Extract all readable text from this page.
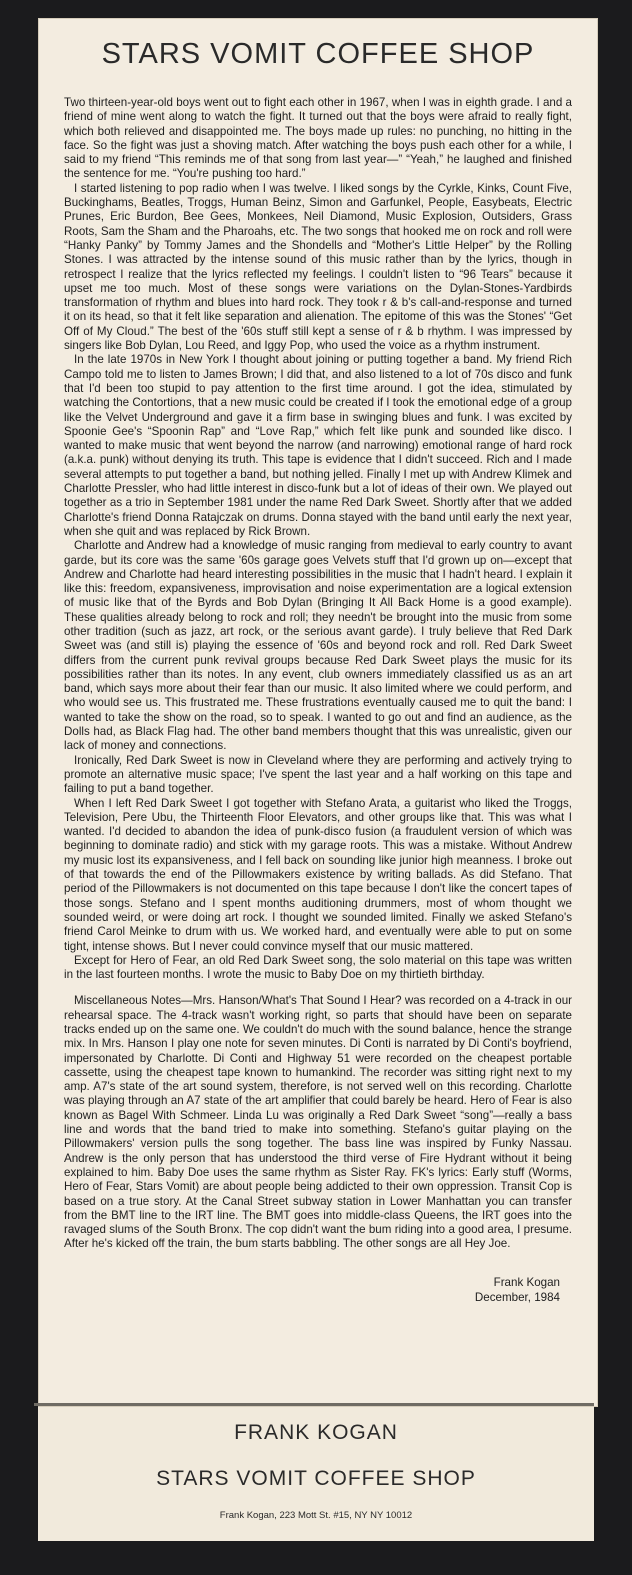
STARS VOMIT COFFEE SHOP

Two thirteen-year-old boys went out to fight each other in 1967, when I was in eighth grade. I and a friend of mine went along to watch the fight. It turned out that the boys were afraid to really fight, which both relieved and disappointed me. The boys made up rules: no punching, no hitting in the face. So the fight was just a shoving match. After watching the boys push each other for a while, I said to my friend “This reminds me of that song from last year—” “Yeah,” he laughed and finished the sentence for me. “You're pushing too hard.”

I started listening to pop radio when I was twelve. I liked songs by the Cyrkle, Kinks, Count Five, Buckinghams, Beatles, Troggs, Human Beinz, Simon and Garfunkel, People, Easybeats, Electric Prunes, Eric Burdon, Bee Gees, Monkees, Neil Diamond, Music Explosion, Outsiders, Grass Roots, Sam the Sham and the Pharoahs, etc. The two songs that hooked me on rock and roll were “Hanky Panky” by Tommy James and the Shondells and “Mother's Little Helper” by the Rolling Stones. I was attracted by the intense sound of this music rather than by the lyrics, though in retrospect I realize that the lyrics reflected my feelings. I couldn't listen to “96 Tears” because it upset me too much. Most of these songs were variations on the Dylan-Stones-Yardbirds transformation of rhythm and blues into hard rock. They took r & b's call-and-response and turned it on its head, so that it felt like separation and alienation. The epitome of this was the Stones' “Get Off of My Cloud.” The best of the '60s stuff still kept a sense of r & b rhythm. I was impressed by singers like Bob Dylan, Lou Reed, and Iggy Pop, who used the voice as a rhythm instrument.

In the late 1970s in New York I thought about joining or putting together a band. My friend Rich Campo told me to listen to James Brown; I did that, and also listened to a lot of 70s disco and funk that I'd been too stupid to pay attention to the first time around. I got the idea, stimulated by watching the Contortions, that a new music could be created if I took the emotional edge of a group like the Velvet Underground and gave it a firm base in swinging blues and funk. I was excited by Spoonie Gee's “Spoonin Rap” and “Love Rap,” which felt like punk and sounded like disco. I wanted to make music that went beyond the narrow (and narrowing) emotional range of hard rock (a.k.a. punk) without denying its truth. This tape is evidence that I didn't succeed. Rich and I made several attempts to put together a band, but nothing jelled. Finally I met up with Andrew Klimek and Charlotte Pressler, who had little interest in disco-funk but a lot of ideas of their own. We played out together as a trio in September 1981 under the name Red Dark Sweet. Shortly after that we added Charlotte's friend Donna Ratajczak on drums. Donna stayed with the band until early the next year, when she quit and was replaced by Rick Brown.

Charlotte and Andrew had a knowledge of music ranging from medieval to early country to avant garde, but its core was the same '60s garage goes Velvets stuff that I'd grown up on—except that Andrew and Charlotte had heard interesting possibilities in the music that I hadn't heard. I explain it like this: freedom, expansiveness, improvisation and noise experimentation are a logical extension of music like that of the Byrds and Bob Dylan (Bringing It All Back Home is a good example). These qualities already belong to rock and roll; they needn't be brought into the music from some other tradition (such as jazz, art rock, or the serious avant garde). I truly believe that Red Dark Sweet was (and still is) playing the essence of '60s and beyond rock and roll. Red Dark Sweet differs from the current punk revival groups because Red Dark Sweet plays the music for its possibilities rather than its notes. In any event, club owners immediately classified us as an art band, which says more about their fear than our music. It also limited where we could perform, and who would see us. This frustrated me. These frustrations eventually caused me to quit the band: I wanted to take the show on the road, so to speak. I wanted to go out and find an audience, as the Dolls had, as Black Flag had. The other band members thought that this was unrealistic, given our lack of money and connections.

Ironically, Red Dark Sweet is now in Cleveland where they are performing and actively trying to promote an alternative music space; I've spent the last year and a half working on this tape and failing to put a band together.

When I left Red Dark Sweet I got together with Stefano Arata, a guitarist who liked the Troggs, Television, Pere Ubu, the Thirteenth Floor Elevators, and other groups like that. This was what I wanted. I'd decided to abandon the idea of punk-disco fusion (a fraudulent version of which was beginning to dominate radio) and stick with my garage roots. This was a mistake. Without Andrew my music lost its expansiveness, and I fell back on sounding like junior high meanness. I broke out of that towards the end of the Pillowmakers existence by writing ballads. As did Stefano. That period of the Pillowmakers is not documented on this tape because I don't like the concert tapes of those songs. Stefano and I spent months auditioning drummers, most of whom thought we sounded weird, or were doing art rock. I thought we sounded limited. Finally we asked Stefano's friend Carol Meinke to drum with us. We worked hard, and eventually were able to put on some tight, intense shows. But I never could convince myself that our music mattered.

Except for Hero of Fear, an old Red Dark Sweet song, the solo material on this tape was written in the last fourteen months. I wrote the music to Baby Doe on my thirtieth birthday.

Miscellaneous Notes—Mrs. Hanson/What's That Sound I Hear? was recorded on a 4-track in our rehearsal space. The 4-track wasn't working right, so parts that should have been on separate tracks ended up on the same one. We couldn't do much with the sound balance, hence the strange mix. In Mrs. Hanson I play one note for seven minutes. Di Conti is narrated by Di Conti's boyfriend, impersonated by Charlotte. Di Conti and Highway 51 were recorded on the cheapest portable cassette, using the cheapest tape known to humankind. The recorder was sitting right next to my amp. A7's state of the art sound system, therefore, is not served well on this recording. Charlotte was playing through an A7 state of the art amplifier that could barely be heard. Hero of Fear is also known as Bagel With Schmeer. Linda Lu was originally a Red Dark Sweet “song”—really a bass line and words that the band tried to make into something. Stefano's guitar playing on the Pillowmakers' version pulls the song together. The bass line was inspired by Funky Nassau. Andrew is the only person that has understood the third verse of Fire Hydrant without it being explained to him. Baby Doe uses the same rhythm as Sister Ray. FK's lyrics: Early stuff (Worms, Hero of Fear, Stars Vomit) are about people being addicted to their own oppression. Transit Cop is based on a true story. At the Canal Street subway station in Lower Manhattan you can transfer from the BMT line to the IRT line. The BMT goes into middle-class Queens, the IRT goes into the ravaged slums of the South Bronx. The cop didn't want the bum riding into a good area, I presume. After he's kicked off the train, the bum starts babbling. The other songs are all Hey Joe.

Frank Kogan
December, 1984
FRANK KOGAN
STARS VOMIT COFFEE SHOP
Frank Kogan, 223 Mott St. #15, NY NY 10012
